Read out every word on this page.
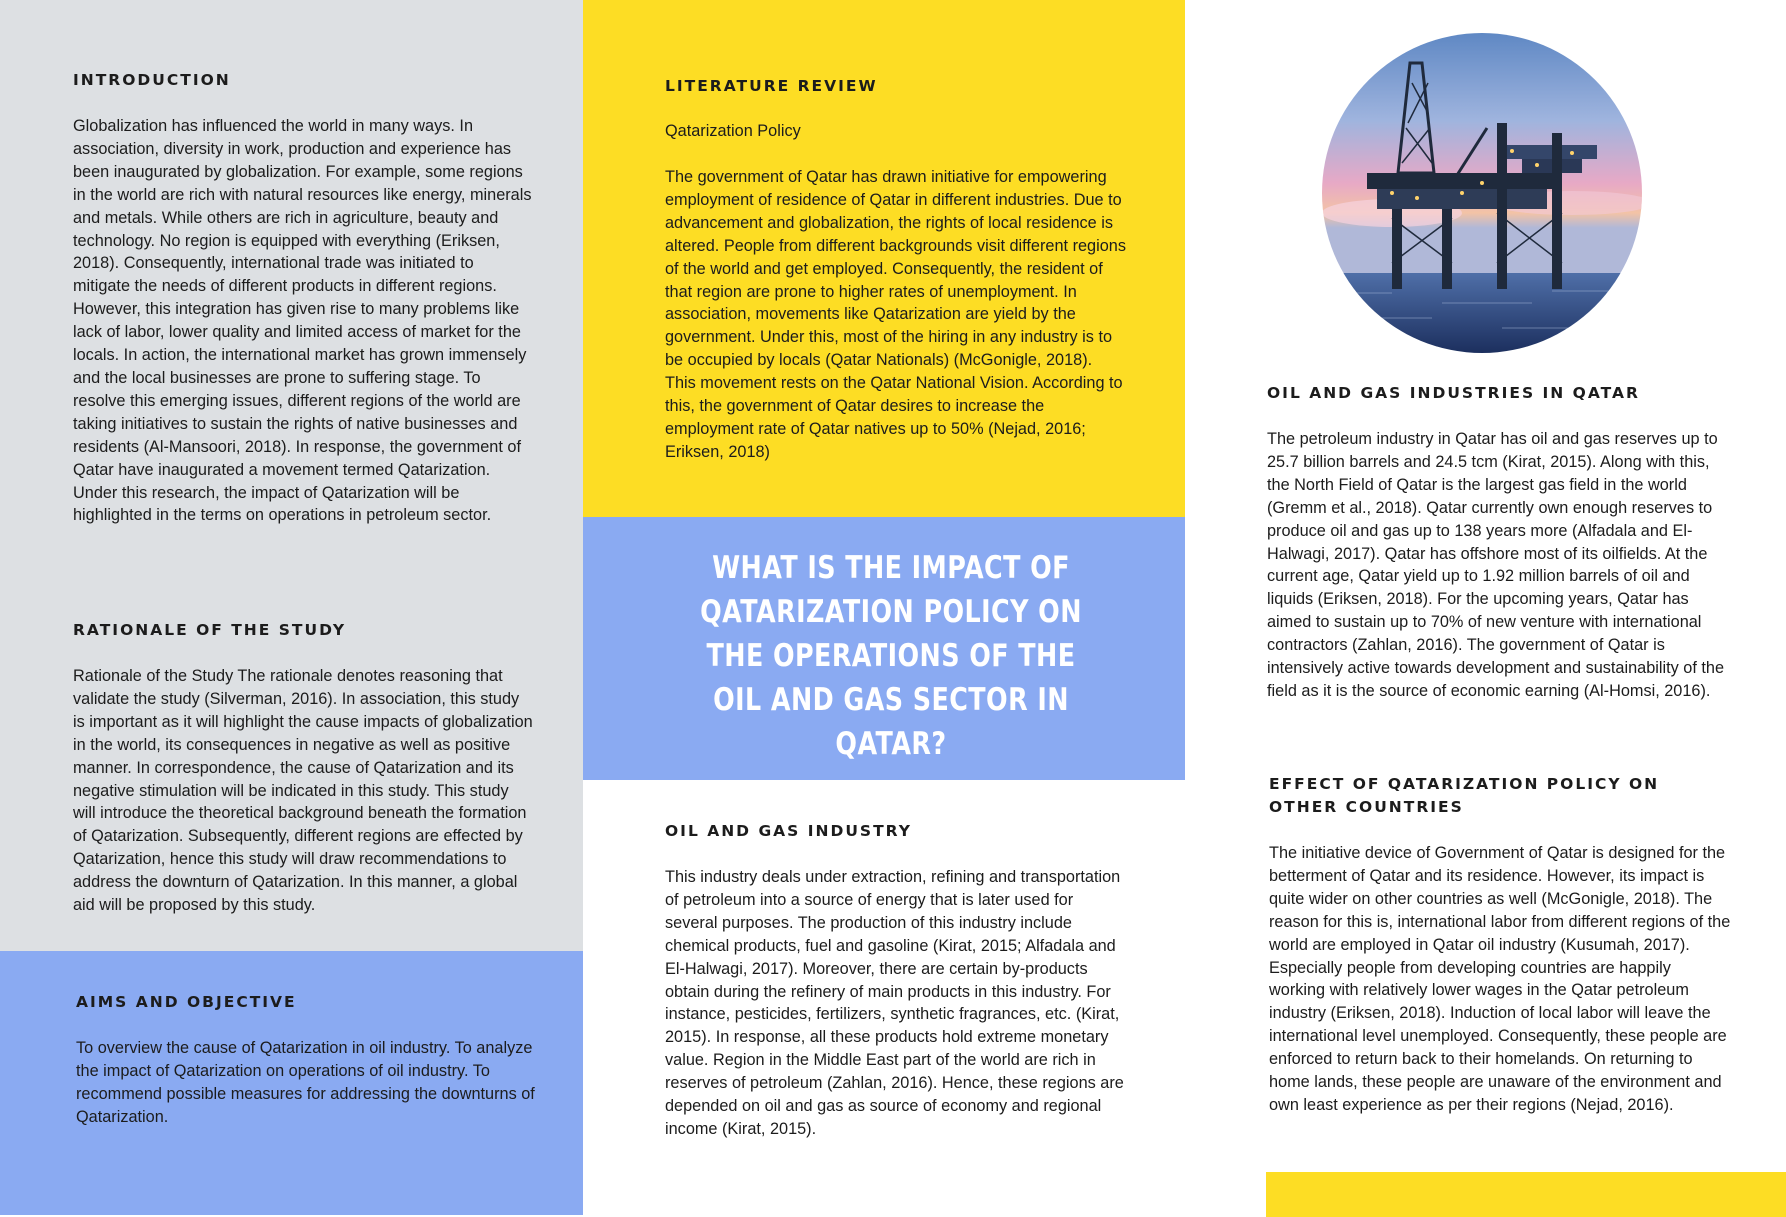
INTRODUCTION
Globalization has influenced the world in many ways. In association, diversity in work, production and experience has been inaugurated by globalization. For example, some regions in the world are rich with natural resources like energy, minerals and metals. While others are rich in agriculture, beauty and technology. No region is equipped with everything (Eriksen, 2018). Consequently, international trade was initiated to mitigate the needs of different products in different regions. However, this integration has given rise to many problems like lack of labor, lower quality and limited access of market for the locals. In action, the international market has grown immensely and the local businesses are prone to suffering stage. To resolve this emerging issues, different regions of the world are taking initiatives to sustain the rights of native businesses and residents (Al-Mansoori, 2018). In response, the government of Qatar have inaugurated a movement termed Qatarization. Under this research, the impact of Qatarization will be highlighted in the terms on operations in petroleum sector.
RATIONALE OF THE STUDY
Rationale of the Study The rationale denotes reasoning that validate the study (Silverman, 2016). In association, this study is important as it will highlight the cause impacts of globalization in the world, its consequences in negative as well as positive manner. In correspondence, the cause of Qatarization and its negative stimulation will be indicated in this study. This study will introduce the theoretical background beneath the formation of Qatarization. Subsequently, different regions are effected by Qatarization, hence this study will draw recommendations to address the downturn of Qatarization. In this manner, a global aid will be proposed by this study.
AIMS AND OBJECTIVE
To overview the cause of Qatarization in oil industry. To analyze the impact of Qatarization on operations of oil industry. To recommend possible measures for addressing the downturns of Qatarization.
LITERATURE REVIEW
Qatarization Policy
The government of Qatar has drawn initiative for empowering employment of residence of Qatar in different industries. Due to advancement and globalization, the rights of local residence is altered. People from different backgrounds visit different regions of the world and get employed. Consequently, the resident of that region are prone to higher rates of unemployment. In association, movements like Qatarization are yield by the government. Under this, most of the hiring in any industry is to be occupied by locals (Qatar Nationals) (McGonigle, 2018). This movement rests on the Qatar National Vision. According to this, the government of Qatar desires to increase the employment rate of Qatar natives up to 50% (Nejad, 2016; Eriksen, 2018)
WHAT IS THE IMPACT OF QATARIZATION POLICY ON THE OPERATIONS OF THE OIL AND GAS SECTOR IN QATAR?
OIL AND GAS INDUSTRY
This industry deals under extraction, refining and transportation of petroleum into a source of energy that is later used for several purposes. The production of this industry include chemical products, fuel and gasoline (Kirat, 2015; Alfadala and El-Halwagi, 2017). Moreover, there are certain by-products obtain during the refinery of main products in this industry. For instance, pesticides, fertilizers, synthetic fragrances, etc. (Kirat, 2015). In response, all these products hold extreme monetary value. Region in the Middle East part of the world are rich in reserves of petroleum (Zahlan, 2016). Hence, these regions are depended on oil and gas as source of economy and regional income (Kirat, 2015).
OIL AND GAS INDUSTRIES IN QATAR
The petroleum industry in Qatar has oil and gas reserves up to 25.7 billion barrels and 24.5 tcm (Kirat, 2015). Along with this, the North Field of Qatar is the largest gas field in the world (Gremm et al., 2018). Qatar currently own enough reserves to produce oil and gas up to 138 years more (Alfadala and El-Halwagi, 2017). Qatar has offshore most of its oilfields. At the current age, Qatar yield up to 1.92 million barrels of oil and liquids (Eriksen, 2018). For the upcoming years, Qatar has aimed to sustain up to 70% of new venture with international contractors (Zahlan, 2016). The government of Qatar is intensively active towards development and sustainability of the field as it is the source of economic earning (Al-Homsi, 2016).
EFFECT OF QATARIZATION POLICY ON OTHER COUNTRIES
The initiative device of Government of Qatar is designed for the betterment of Qatar and its residence. However, its impact is quite wider on other countries as well (McGonigle, 2018). The reason for this is, international labor from different regions of the world are employed in Qatar oil industry (Kusumah, 2017). Especially people from developing countries are happily working with relatively lower wages in the Qatar petroleum industry (Eriksen, 2018). Induction of local labor will leave the international level unemployed. Consequently, these people are enforced to return back to their homelands. On returning to home lands, these people are unaware of the environment and own least experience as per their regions (Nejad, 2016).
